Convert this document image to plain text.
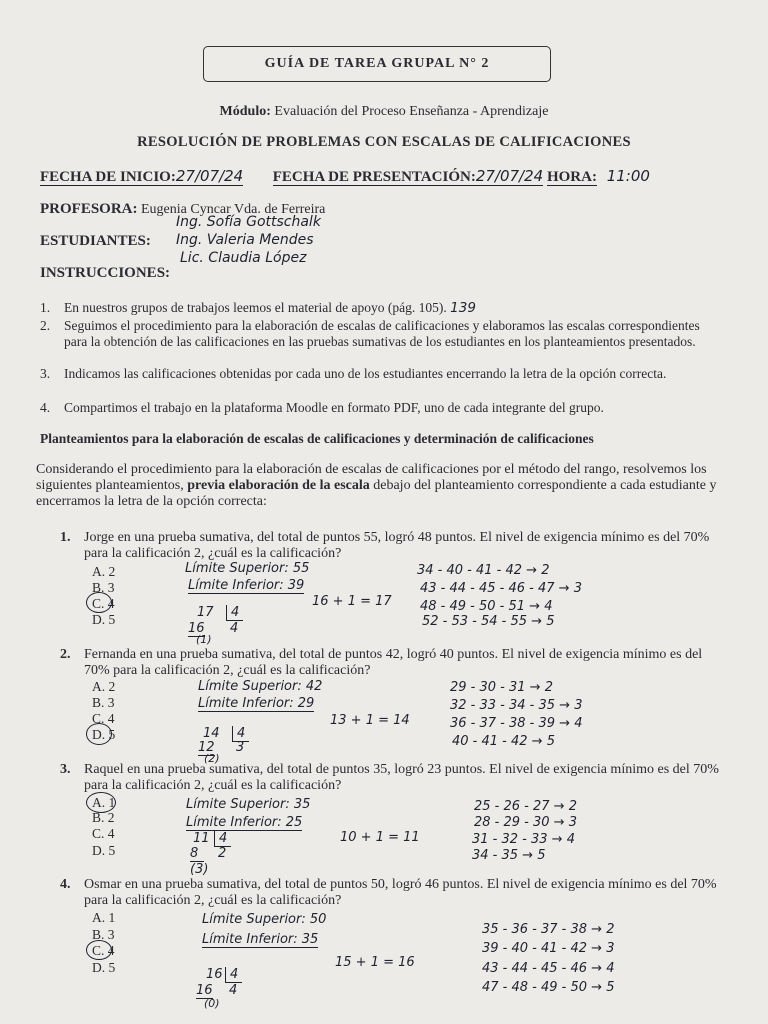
GUÍA DE TAREA GRUPAL N° 2
Módulo: Evaluación del Proceso Enseñanza - Aprendizaje
RESOLUCIÓN DE PROBLEMAS CON ESCALAS DE CALIFICACIONES
FECHA DE INICIO:27/07/24 FECHA DE PRESENTACIÓN:27/07/24 HORA: 11:00
PROFESORA: Eugenia Cyncar Vda. de Ferreira
Ing. Sofía Gottschalk
ESTUDIANTES: Ing. Valeria Mendes
Lic. Claudia López
INSTRUCCIONES:
1. En nuestros grupos de trabajos leemos el material de apoyo (pág. 105). 139
2. Seguimos el procedimiento para la elaboración de escalas de calificaciones y elaboramos las escalas correspondientes para la obtención de las calificaciones en las pruebas sumativas de los estudiantes en los planteamientos presentados.
3. Indicamos las calificaciones obtenidas por cada uno de los estudiantes encerrando la letra de la opción correcta.
4. Compartimos el trabajo en la plataforma Moodle en formato PDF, uno de cada integrante del grupo.
Planteamientos para la elaboración de escalas de calificaciones y determinación de calificaciones
Considerando el procedimiento para la elaboración de escalas de calificaciones por el método del rango, resolvemos los siguientes planteamientos, previa elaboración de la escala debajo del planteamiento correspondiente a cada estudiante y encerramos la letra de la opción correcta:
1. Jorge en una prueba sumativa, del total de puntos 55, logró 48 puntos. El nivel de exigencia mínimo es del 70% para la calificación 2, ¿cuál es la calificación?
A. 2
B. 3
C. 4
D. 5
Límite Superior: 55
Límite Inferior: 39
16 + 1 = 17
17	4
16 4
(1)
34 - 40 - 41 - 42 → 2
43 - 44 - 45 - 46 - 47 → 3
48 - 49 - 50 - 51 → 4
52 - 53 - 54 - 55 → 5
2. Fernanda en una prueba sumativa, del total de puntos 42, logró 40 puntos. El nivel de exigencia mínimo es del 70% para la calificación 2, ¿cuál es la calificación?
A. 2
B. 3
C. 4
D. 5
Límite Superior: 42
Límite Inferior: 29
13 + 1 = 14
14	4
12 3
(2)
29 - 30 - 31 → 2
32 - 33 - 34 - 35 → 3
36 - 37 - 38 - 39 → 4
40 - 41 - 42 → 5
3. Raquel en una prueba sumativa, del total de puntos 35, logró 23 puntos. El nivel de exigencia mínimo es del 70% para la calificación 2, ¿cuál es la calificación?
A. 1
B. 2
C. 4
D. 5
Límite Superior: 35
Límite Inferior: 25
10 + 1 = 11
11 4
8	2
(3)
25 - 26 - 27 → 2
28 - 29 - 30 → 3
31 - 32 - 33 → 4
34 - 35 → 5
4. Osmar en una prueba sumativa, del total de puntos 50, logró 46 puntos. El nivel de exigencia mínimo es del 70% para la calificación 2, ¿cuál es la calificación?
A. 1
B. 3
C. 4
D. 5
Límite Superior: 50
Límite Inferior: 35
15 + 1 = 16
16 4
16 4
(0)
35 - 36 - 37 - 38 → 2
39 - 40 - 41 - 42 → 3
43 - 44 - 45 - 46 → 4
47 - 48 - 49 - 50 → 5
